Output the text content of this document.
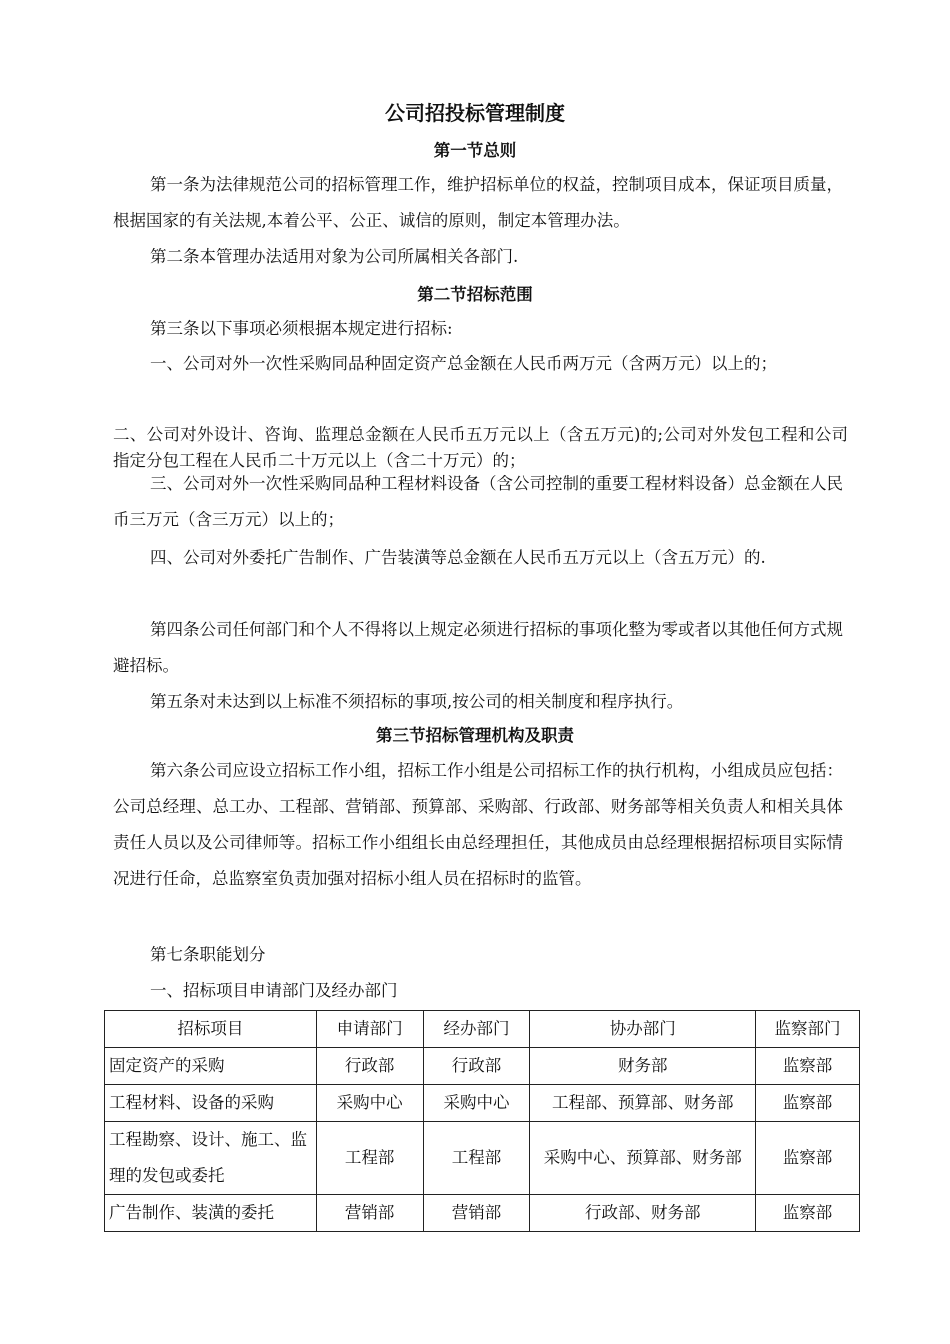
公司招投标管理制度
第一节总则
第一条为法律规范公司的招标管理工作，维护招标单位的权益，控制项目成本，保证项目质量，根据国家的有关法规,本着公平、公正、诚信的原则，制定本管理办法。
第二条本管理办法适用对象为公司所属相关各部门.
第二节招标范围
第三条以下事项必须根据本规定进行招标:
一、公司对外一次性采购同品种固定资产总金额在人民币两万元（含两万元）以上的；
二、公司对外设计、咨询、监理总金额在人民币五万元以上（含五万元)的;公司对外发包工程和公司指定分包工程在人民币二十万元以上（含二十万元）的；
三、公司对外一次性采购同品种工程材料设备（含公司控制的重要工程材料设备）总金额在人民币三万元（含三万元）以上的；
四、公司对外委托广告制作、广告装潢等总金额在人民币五万元以上（含五万元）的.
第四条公司任何部门和个人不得将以上规定必须进行招标的事项化整为零或者以其他任何方式规避招标。
第五条对未达到以上标准不须招标的事项,按公司的相关制度和程序执行。
第三节招标管理机构及职责
第六条公司应设立招标工作小组，招标工作小组是公司招标工作的执行机构，小组成员应包括：公司总经理、总工办、工程部、营销部、预算部、采购部、行政部、财务部等相关负责人和相关具体责任人员以及公司律师等。招标工作小组组长由总经理担任，其他成员由总经理根据招标项目实际情况进行任命，总监察室负责加强对招标小组人员在招标时的监管。
第七条职能划分
一、招标项目申请部门及经办部门
招标项目	申请部门	经办部门	协办部门	监察部门
固定资产的采购	行政部	行政部	财务部	监察部
工程材料、设备的采购	采购中心	采购中心	工程部、预算部、财务部	监察部
工程勘察、设计、施工、监理的发包或委托	工程部	工程部	采购中心、预算部、财务部	监察部
广告制作、装潢的委托	营销部	营销部	行政部、财务部	监察部
